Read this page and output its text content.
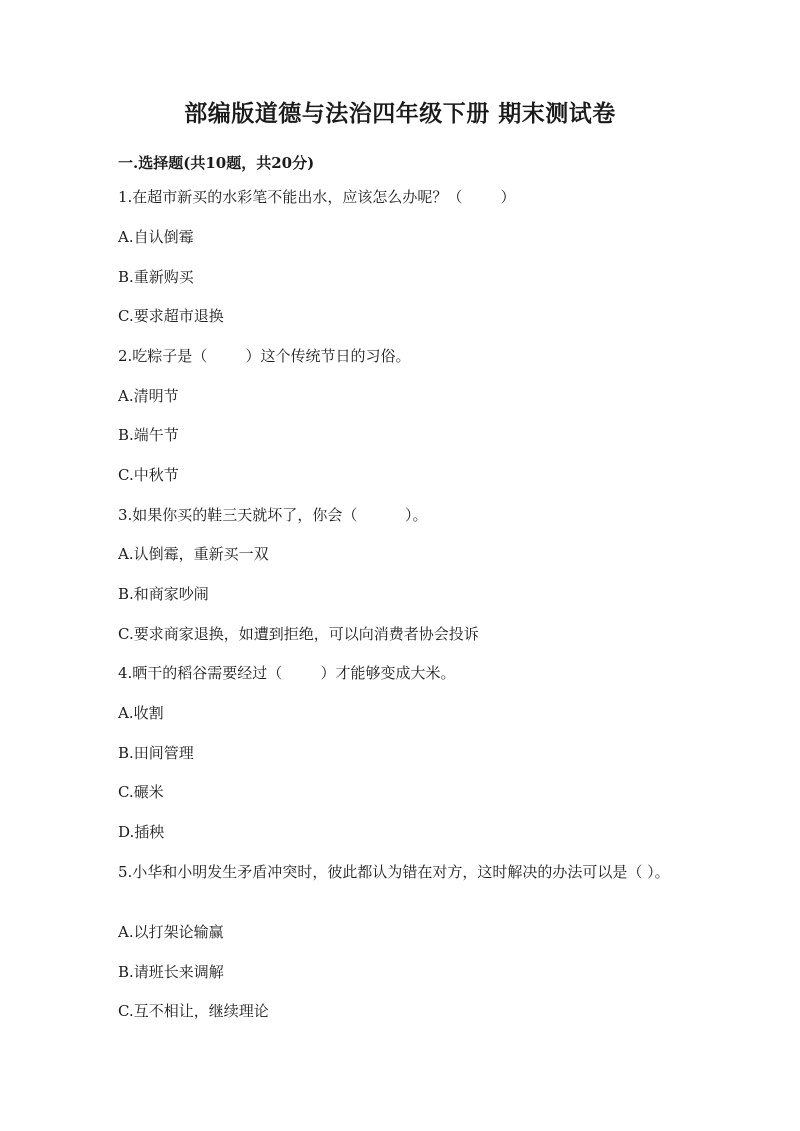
部编版道德与法治四年级下册 期末测试卷
一.选择题(共10题，共20分)
1.在超市新买的水彩笔不能出水，应该怎么办呢？（        ）
A.自认倒霉
B.重新购买
C.要求超市退换
2.吃粽子是（        ）这个传统节日的习俗。
A.清明节
B.端午节
C.中秋节
3.如果你买的鞋三天就坏了，你会（          ）。
A.认倒霉，重新买一双
B.和商家吵闹
C.要求商家退换，如遭到拒绝，可以向消费者协会投诉
4.晒干的稻谷需要经过（        ）才能够变成大米。
A.收割
B.田间管理
C.碾米
D.插秧
5.小华和小明发生矛盾冲突时，彼此都认为错在对方，这时解决的办法可以是（ ）。
A.以打架论输赢
B.请班长来调解
C.互不相让，继续理论
